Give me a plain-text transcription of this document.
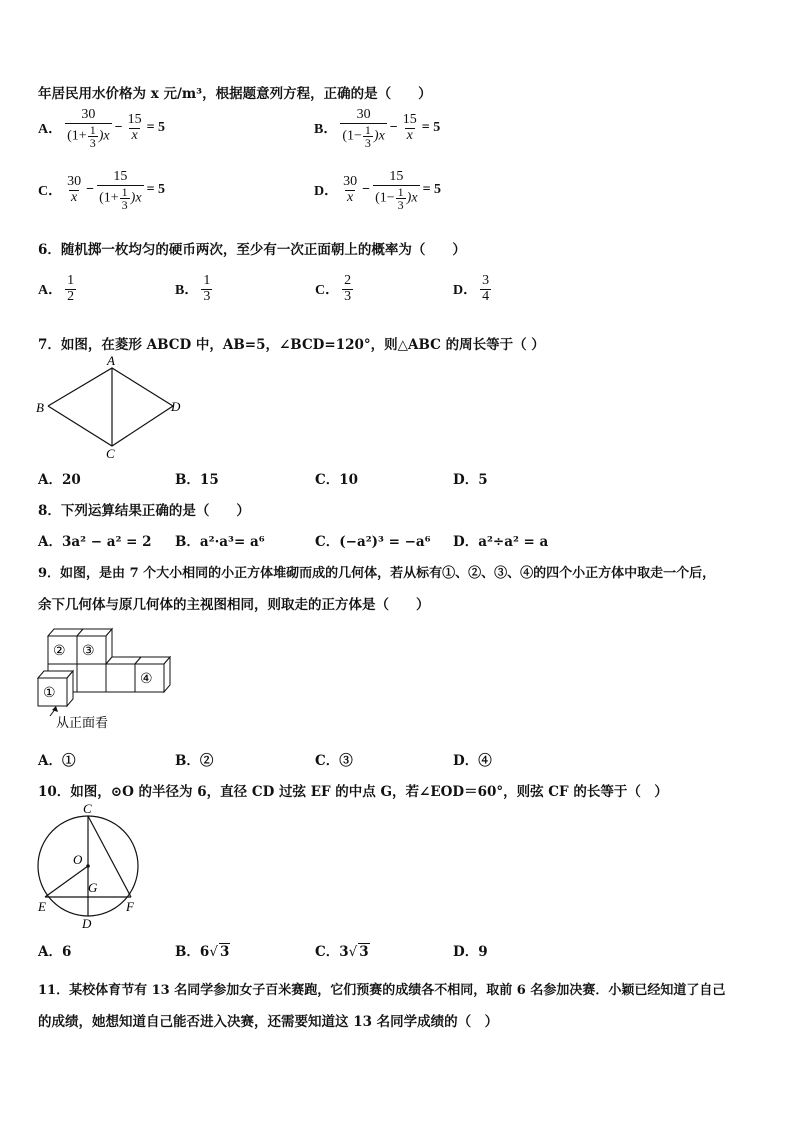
年居民用水价格为 x 元/m³，根据题意列方程，正确的是（　　）
A． $\frac{30}{(1+ \frac{1}{3} )x} - \frac{15}{x} = 5$	B． $\frac{30}{(1- \frac{1}{3} )x} - \frac{15}{x} = 5$
C． $\frac{30}{x} - \frac{15}{(1+ \frac{1}{3} )x} = 5$	D． $\frac{30}{x} - \frac{15}{(1- \frac{1}{3} )x} = 5$
6．随机掷一枚均匀的硬币两次，至少有一次正面朝上的概率为（　　）
A． $\frac{1}{2}$	B． $\frac{1}{3}$	C． $\frac{2}{3}$	D． $\frac{3}{4}$
7．如图，在菱形 ABCD 中，AB=5，∠BCD=120°，则△ABC 的周长等于（ ）
A
B	D
C
A．20	B．15	C．10	D．5
8．下列运算结果正确的是（　　）
A．3a² − a² = 2 B．a²·a³= a⁶	C．(−a²)³ = −a⁶ D．a²÷a² = a
9．如图，是由 7 个大小相同的小正方体堆砌而成的几何体，若从标有①、②、③、④的四个小正方体中取走一个后，
余下几何体与原几何体的主视图相同，则取走的正方体是（　　）
② ③
④
①
从正面看
A．①	B．②	C．③	D．④
10．如图，⊙O 的半径为 6，直径 CD 过弦 EF 的中点 G，若∠EOD＝60°，则弦 CF 的长等于（　）
C
O
G
E
D
F
A．6	B．6√ 3	C．3√ 3	D．9
11．某校体育节有 13 名同学参加女子百米赛跑，它们预赛的成绩各不相同，取前 6 名参加决赛．小颖已经知道了自己
的成绩，她想知道自己能否进入决赛，还需要知道这 13 名同学成绩的（　）
